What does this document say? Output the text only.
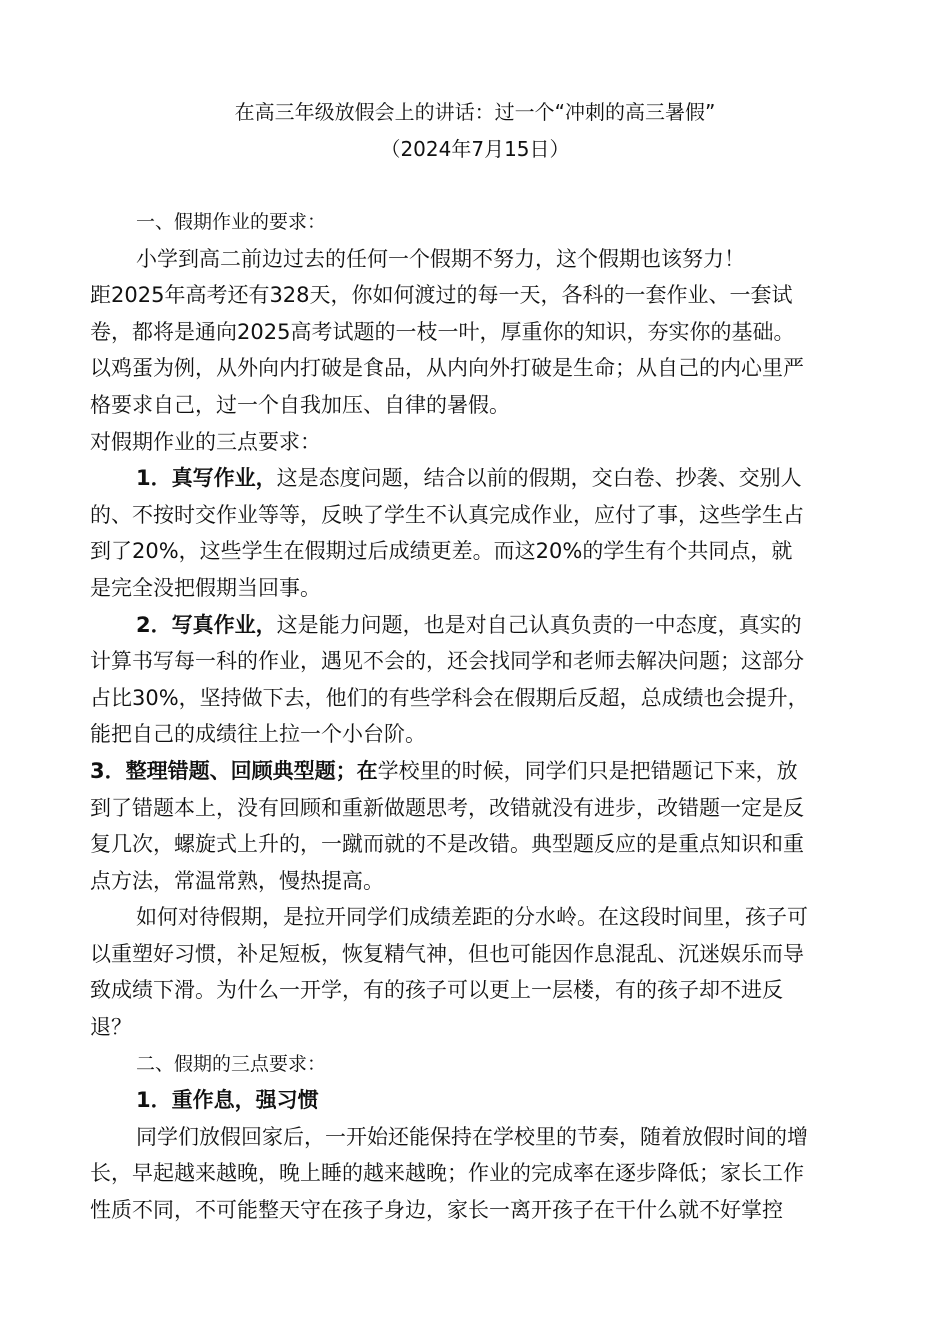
在高三年级放假会上的讲话：过一个“冲刺的高三暑假”
（2024年7月15日）
一、假期作业的要求：
小学到高二前边过去的任何一个假期不努力，这个假期也该努力！
距2025年高考还有328天，你如何渡过的每一天，各科的一套作业、一套试
卷，都将是通向2025高考试题的一枝一叶，厚重你的知识，夯实你的基础。
以鸡蛋为例，从外向内打破是食品，从内向外打破是生命；从自己的内心里严
格要求自己，过一个自我加压、自律的暑假。
对假期作业的三点要求：
1．真写作业，这是态度问题，结合以前的假期，交白卷、抄袭、交别人
的、不按时交作业等等，反映了学生不认真完成作业，应付了事，这些学生占
到了20%，这些学生在假期过后成绩更差。而这20%的学生有个共同点，就
是完全没把假期当回事。
2．写真作业，这是能力问题，也是对自己认真负责的一中态度，真实的
计算书写每一科的作业，遇见不会的，还会找同学和老师去解决问题；这部分
占比30%，坚持做下去，他们的有些学科会在假期后反超，总成绩也会提升，
能把自己的成绩往上拉一个小台阶。
3．整理错题、回顾典型题；在学校里的时候，同学们只是把错题记下来，放
到了错题本上，没有回顾和重新做题思考，改错就没有进步，改错题一定是反
复几次，螺旋式上升的，一蹴而就的不是改错。典型题反应的是重点知识和重
点方法，常温常熟，慢热提高。
如何对待假期，是拉开同学们成绩差距的分水岭。在这段时间里，孩子可
以重塑好习惯，补足短板，恢复精气神，但也可能因作息混乱、沉迷娱乐而导
致成绩下滑。为什么一开学，有的孩子可以更上一层楼，有的孩子却不进反
退？
二、假期的三点要求：
1．重作息，强习惯
同学们放假回家后，一开始还能保持在学校里的节奏，随着放假时间的增
长，早起越来越晚，晚上睡的越来越晚；作业的完成率在逐步降低；家长工作
性质不同，不可能整天守在孩子身边，家长一离开孩子在干什么就不好掌控
